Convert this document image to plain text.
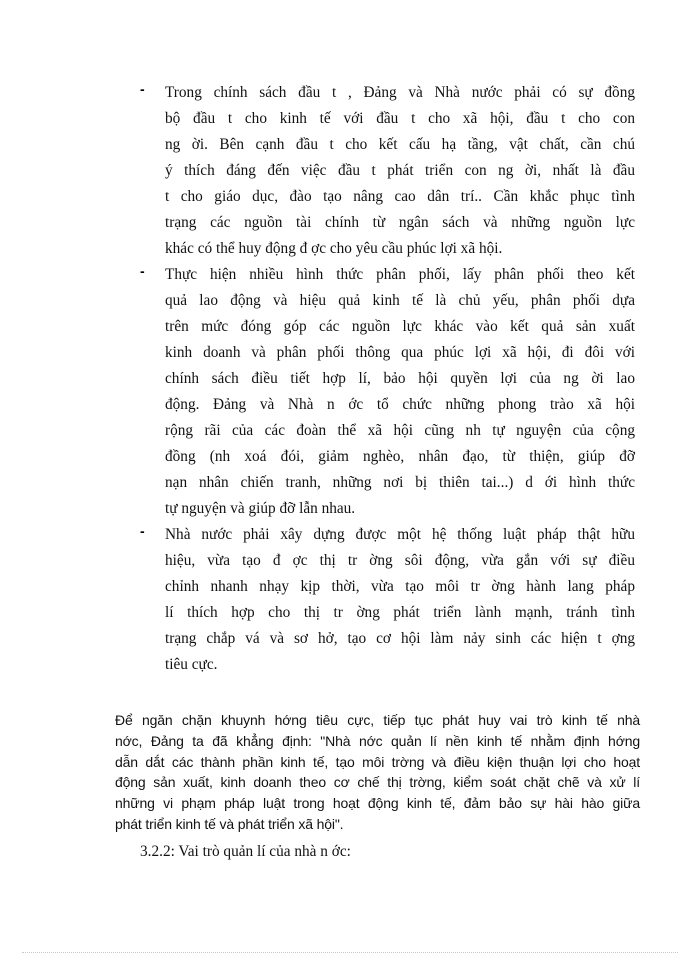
- Trong chính sách đầu t , Đảng và Nhà nước phải có sự đồng
bộ đầu t cho kinh tế với đầu t cho xã hội, đầu t cho con
ng ời. Bên cạnh đầu t cho kết cấu hạ tầng, vật chất, cần chú
ý thích đáng đến việc đầu t phát triển con ng ời, nhất là đầu
t cho giáo dục, đào tạo nâng cao dân trí.. Cần khắc phục tình
trạng các nguồn tài chính từ ngân sách và những nguồn lực
khác có thể huy động đ ợc cho yêu cầu phúc lợi xã hội.
- Thực hiện nhiều hình thức phân phối, lấy phân phối theo kết
quả lao động và hiệu quả kinh tế là chủ yếu, phân phối dựa
trên mức đóng góp các nguồn lực khác vào kết quả sản xuất
kinh doanh và phân phối thông qua phúc lợi xã hội, đi đôi với
chính sách điều tiết hợp lí, bảo hội quyền lợi của ng ời lao
động. Đảng và Nhà n ớc tổ chức những phong trào xã hội
rộng rãi của các đoàn thể xã hội cũng nh tự nguyện của cộng
đồng (nh xoá đói, giảm nghèo, nhân đạo, từ thiện, giúp đỡ
nạn nhân chiến tranh, những nơi bị thiên tai...) d ới hình thức
tự nguyện và giúp đỡ lẫn nhau.
- Nhà nước phải xây dựng được một hệ thống luật pháp thật hữu
hiệu, vừa tạo đ ợc thị tr ờng sôi động, vừa gắn với sự điều
chỉnh nhanh nhạy kịp thời, vừa tạo môi tr ờng hành lang pháp
lí thích hợp cho thị tr ờng phát triển lành mạnh, tránh tình
trạng chắp vá và sơ hở, tạo cơ hội làm nảy sinh các hiện t ợng
tiêu cực.
Để ngăn chặn khuynh hớng tiêu cực, tiếp tục phát huy vai trò kinh tế nhà
nớc, Đảng ta đã khẳng định: "Nhà nớc quản lí nền kinh tế nhằm định hớng
dẫn dắt các thành phần kinh tế, tạo môi trờng và điều kiện thuận lợi cho hoạt
động sản xuất, kinh doanh theo cơ chế thị trờng, kiểm soát chặt chẽ và xử lí
những vi phạm pháp luật trong hoạt động kinh tế, đảm bảo sự hài hào giữa
phát triển kinh tế và phát triển xã hội".

3.2.2: Vai trò quản lí của nhà n ớc:
